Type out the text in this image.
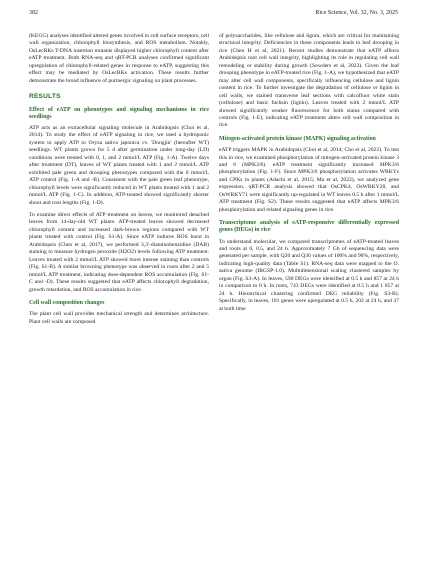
382	Rice Science, Vol. 32, No. 3, 2025

(KEGG) analyses identified altered genes involved in cell surface receptors, cell wall organization, chlorophyll biosynthesis, and ROS metabolism. Notably, OsLecRKs T-DNA insertion mutants displayed higher chlorophyll content after eATP treatment. Both RNA-seq and qRT-PCR analyses confirmed significant upregulation of chlorophyll-related genes in response to eATP, suggesting this effect may be mediated by OsLecRKs activation. These results further demonstrate the broad influence of purinergic signaling on plant processes.

RESULTS
Effect of eATP on phenotypes and signaling mechanisms in rice seedlings

ATP acts as an extracellular signaling molecule in Arabidopsis (Choi et al, 2014). To study the effect of eATP signaling in rice, we used a hydroponic system to apply ATP to Oryza sativa japonica cv. 'Dongjin' (hereafter WT) seedlings. WT plants grown for 5 d after germination under long-day (LD) conditions were treated with 0, 1, and 2 mmol/L ATP (Fig. 1-A). Twelve days after treatment (DT), leaves of WT plants treated with 1 and 2 mmol/L ATP exhibited pale green and drooping phenotypes compared with the 0 mmol/L ATP control (Fig. 1-A and -B). Consistent with the pale green leaf phenotype, chlorophyll levels were significantly reduced in WT plants treated with 1 and 2 mmol/L ATP (Fig. 1-C). In addition, ATP-treated showed significantly shorter shoot and root lengths (Fig. 1-D).

To examine direct effects of ATP treatment on leaves, we monitored detached leaves from 14-day-old WT plants. ATP-treated leaves showed decreased chlorophyll content and increased dark-brown regions compared with WT plants treated with control (Fig. S1-A). Since eATP induces ROS burst in Arabidopsis (Chen et al, 2017), we performed 3,3'-diaminobenzidine (DAB) staining to measure hydrogen peroxide (H2O2) levels following ATP treatment. Leaves treated with 2 mmol/L ATP showed more intense staining than controls (Fig. S1-B). A similar browning phenotype was observed in roots after 2 and 5 mmol/L ATP treatment, indicating dose-dependent ROS accumulation (Fig. S1-C and -D). These results suggested that eATP affects chlorophyll degradation, growth retardation, and ROS accumulation in rice.

Cell wall composition changes

The plant cell wall provides mechanical strength and determines architecture. Plant cell walls are composed

of polysaccharides, like cellulose and lignin, which are critical for maintaining structural integrity. Deficiencies in these components leads to leaf drooping in rice (Chen H et al, 2021). Recent studies demonstrate that eATP affects Arabidopsis root cell wall integrity, highlighting its role in regulating cell wall remodeling or stability during growth (Sowders et al, 2023). Given the leaf drooping phenotype in eATP-treated rice (Fig. 1-A), we hypothesized that eATP may alter cell wall components, specifically influencing cellulose and lignin content in rice. To further investigate the degradation of cellulose or lignin in cell walls, we stained transverse leaf sections with calcofluor white stain (cellulose) and basic fuchsin (lignin). Leaves treated with 2 mmol/L ATP showed significantly weaker fluorescence for both stains compared with controls (Fig. 1-E), indicating eATP treatment alters cell wall composition in rice.

Mitogen-activated protein kinase (MAPK) signaling activation

eATP triggers MAPK in Arabidopsis (Choi et al, 2014; Cho et al, 2022). To test this in rice, we examined phosphorylation of mitogen-activated protein kinase 3 and 6 (MPK3/6). eATP treatment significantly increased MPK3/6 phosphorylation (Fig. 1-F). Since MPK3/6 phosphorylation activates WRKYs and CPKs in plants (Adachi et al, 2015; Ma et al, 2022), we analyzed gene expression. qRT-PCR analysis showed that OsCPK4, OsWRKY28, and OsWRKY71 were significantly up-regulated in WT leaves 0.5 h after 1 mmol/L ATP treatment (Fig. S2). These results suggested that eATP affects MPK3/6 phosphorylation and related signaling genes in rice.

Transcriptome analysis of eATP-responsive differentially expressed genes (DEGs) in rice

To understand molecular, we compared transcriptomes of eATP-treated leaves and roots at 0, 0.5, and 24 h. Approximately 7 Gb of sequencing data were generated per sample, with Q20 and Q30 values of 100% and 90%, respectively, indicating high-quality data (Table S1). RNA-seq data were mapped to the O. sativa genome (IRGSP-1.0). Multidimensional scaling clustered samples by organ (Fig. S3-A). In leaves, 590 DEGs were identified at 0.5 h and 857 at 24 h in comparison to 0 h. In roots, 743 DEGs were identified at 0.5 h and 1 857 at 24 h. Hierarchical clustering confirmed DEG reliability (Fig. S3-B). Specifically, in leaves, 181 genes were upregulated at 0.5 h, 202 at 24 h, and 37 at both time
